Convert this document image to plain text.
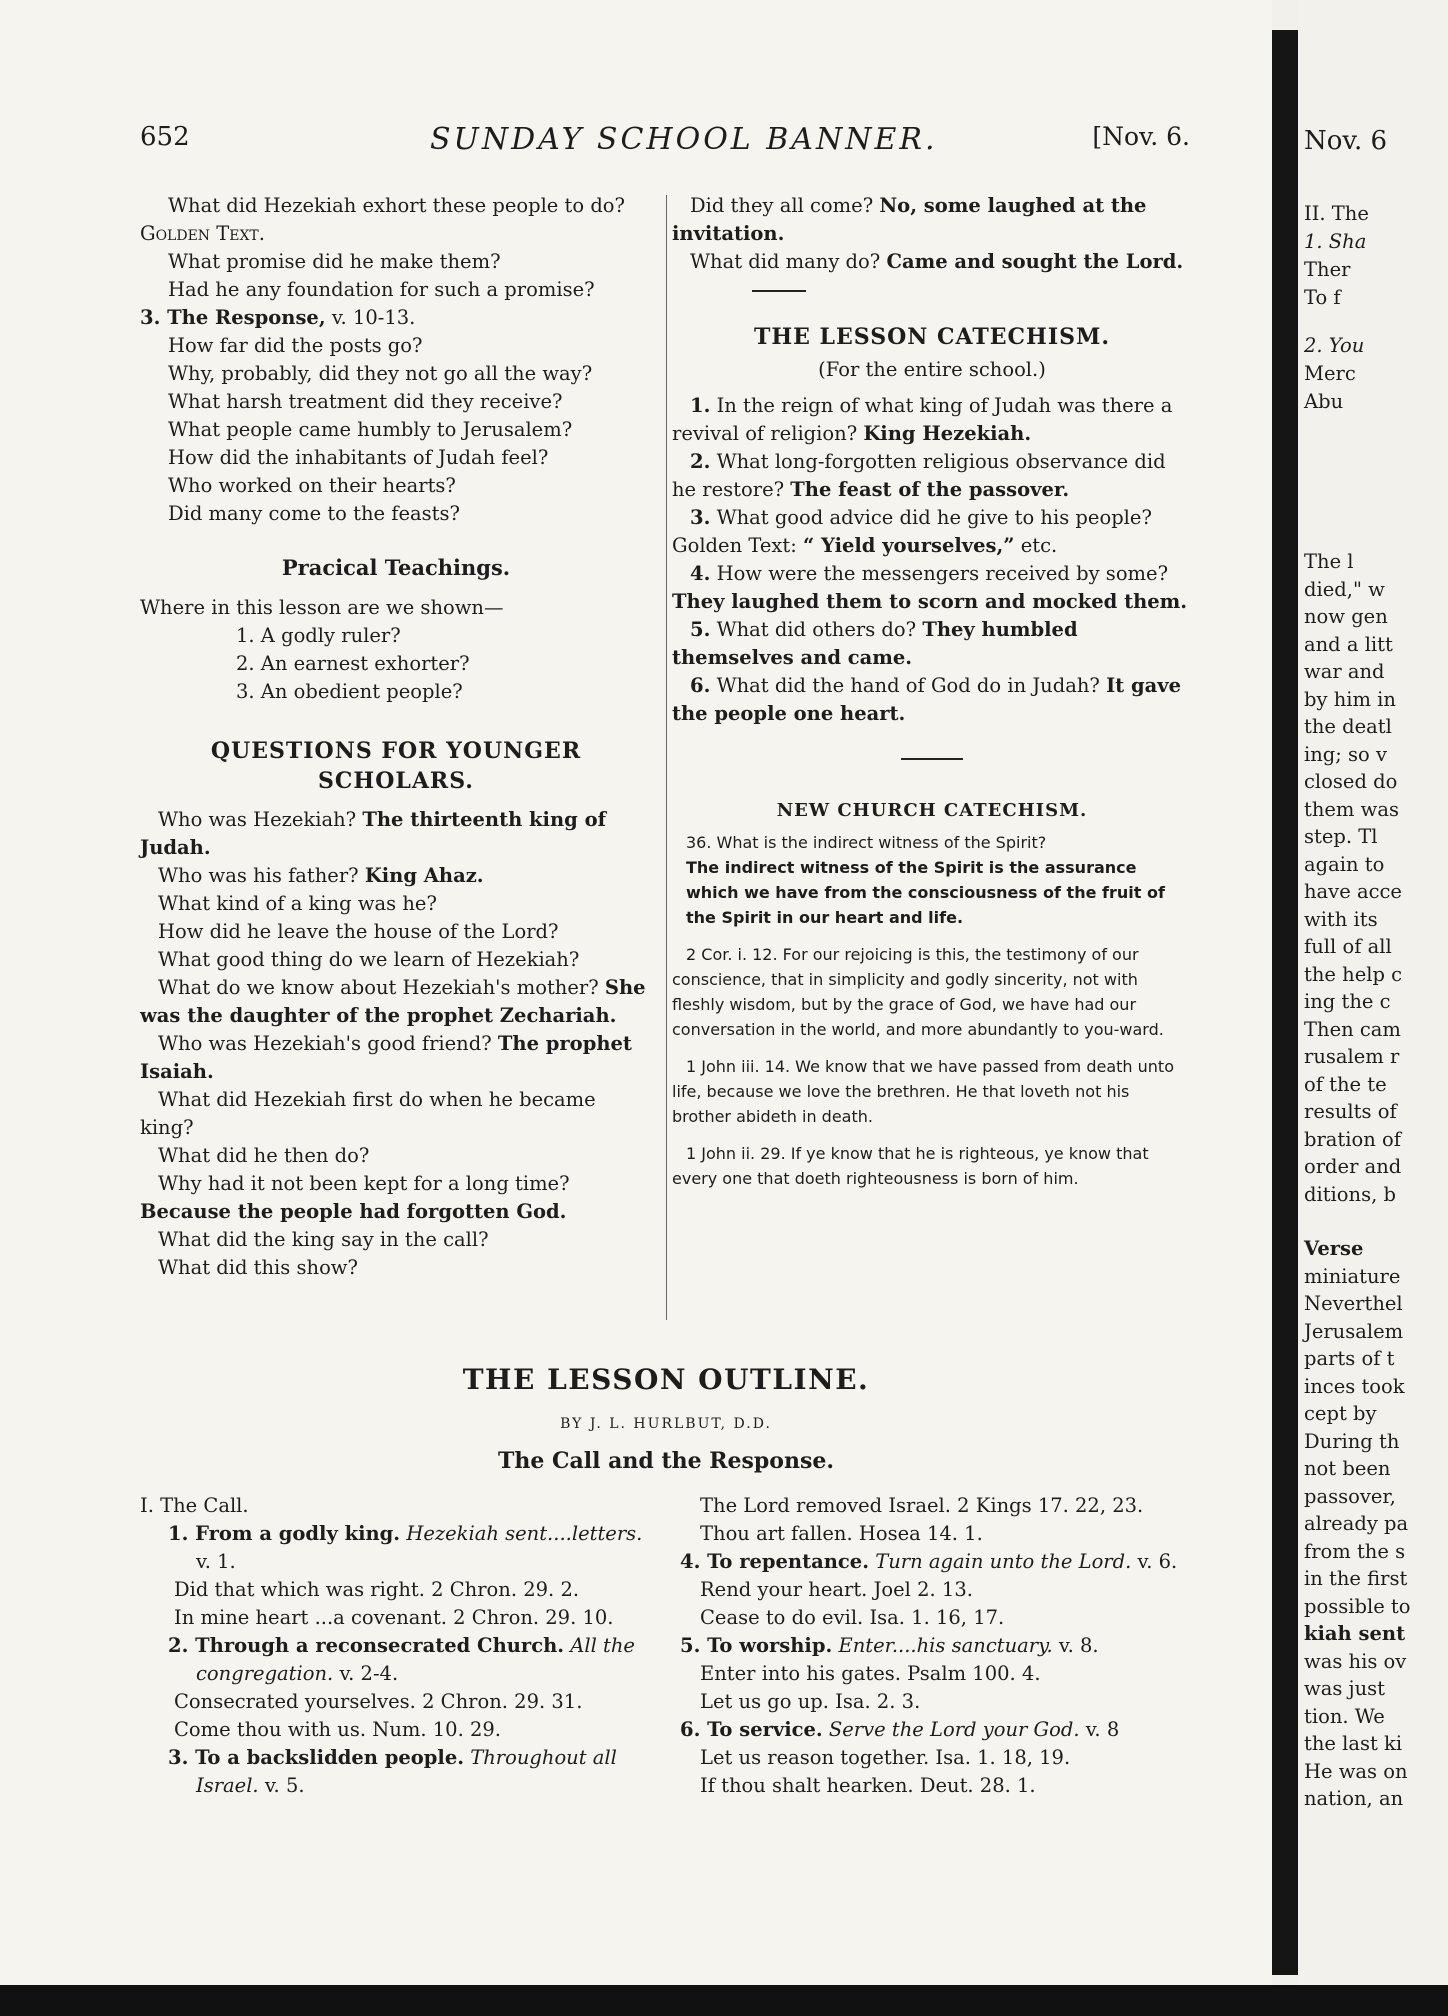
652	SUNDAY SCHOOL BANNER.	[Nov. 6.

What did Hezekiah exhort these people to do?

Golden Text.

What promise did he make them?

Had he any foundation for such a promise?

3. The Response, v. 10-13.

How far did the posts go?

Why, probably, did they not go all the way?

What harsh treatment did they receive?

What people came humbly to Jerusalem?

How did the inhabitants of Judah feel?

Who worked on their hearts?

Did many come to the feasts?

Pracical Teachings.

Where in this lesson are we shown—

1. A godly ruler?

2. An earnest exhorter?

3. An obedient people?

QUESTIONS FOR YOUNGER SCHOLARS.

Who was Hezekiah? The thirteenth king of Judah.

Who was his father? King Ahaz.

What kind of a king was he?

How did he leave the house of the Lord?

What good thing do we learn of Hezekiah?

What do we know about Hezekiah's mother? She was the daughter of the prophet Zechariah.

Who was Hezekiah's good friend? The prophet Isaiah.

What did Hezekiah first do when he became king?

What did he then do?

Why had it not been kept for a long time? Because the people had forgotten God.

What did the king say in the call?

What did this show?

Did they all come? No, some laughed at the invitation.

What did many do? Came and sought the Lord.

THE LESSON CATECHISM.
(For the entire school.)

1. In the reign of what king of Judah was there a revival of religion? King Hezekiah.

2. What long-forgotten religious observance did he restore? The feast of the passover.

3. What good advice did he give to his people? Golden Text: “ Yield yourselves,” etc.

4. How were the messengers received by some? They laughed them to scorn and mocked them.

5. What did others do? They humbled themselves and came.

6. What did the hand of God do in Judah? It gave the people one heart.

NEW CHURCH CATECHISM.

36. What is the indirect witness of the Spirit?

The indirect witness of the Spirit is the assurance which we have from the consciousness of the fruit of the Spirit in our heart and life.

2 Cor. i. 12. For our rejoicing is this, the testimony of our conscience, that in simplicity and godly sincerity, not with fleshly wisdom, but by the grace of God, we have had our conversation in the world, and more abundantly to you-ward.

1 John iii. 14. We know that we have passed from death unto life, because we love the brethren. He that loveth not his brother abideth in death.

1 John ii. 29. If ye know that he is righteous, ye know that every one that doeth righteousness is born of him.

THE LESSON OUTLINE.
BY J. L. HURLBUT, D.D.
The Call and the Response.

I. The Call.

1. From a godly king. Hezekiah sent....letters. v. 1.

Did that which was right. 2 Chron. 29. 2.

In mine heart ...a covenant. 2 Chron. 29. 10.

2. Through a reconsecrated Church. All the congregation. v. 2-4.

Consecrated yourselves. 2 Chron. 29. 31.

Come thou with us. Num. 10. 29.

3. To a backslidden people. Throughout all Israel. v. 5.

The Lord removed Israel. 2 Kings 17. 22, 23.

Thou art fallen. Hosea 14. 1.

4. To repentance. Turn again unto the Lord. v. 6.

Rend your heart. Joel 2. 13.

Cease to do evil. Isa. 1. 16, 17.

5. To worship. Enter....his sanctuary. v. 8.

Enter into his gates. Psalm 100. 4.

Let us go up. Isa. 2. 3.

6. To service. Serve the Lord your God. v. 8

Let us reason together. Isa. 1. 18, 19.

If thou shalt hearken. Deut. 28. 1.

Nov. 6
II. The
1. Sha
Ther
To f
2. You
Merc
Abu
The l
died," w
now gen
and a litt
war and
by him in
the deatl
ing; so v
closed do
them was
step. Tl
again to
have acce
with its
full of all
the help c
ing the c
Then cam
rusalem r
of the te
results of
bration of
order and
ditions, b
Verse
miniature
Neverthel
Jerusalem
parts of t
inces took
cept by
During th
not been
passover,
already pa
from the s
in the first
possible to
kiah sent
was his ov
was just
tion. We
the last ki
He was on
nation, an
